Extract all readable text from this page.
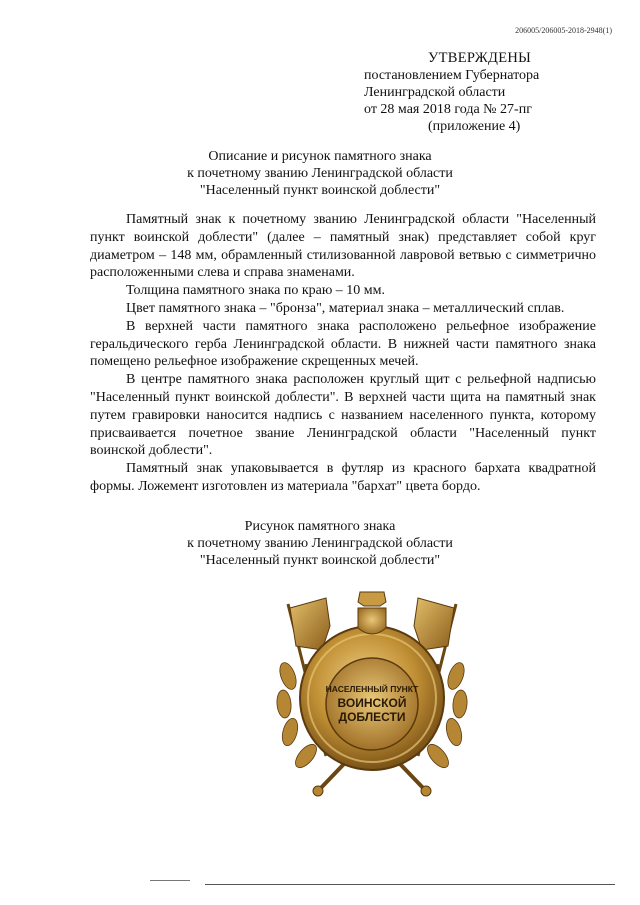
206005/206005-2018-2948(1)
УТВЕРЖДЕНЫ
постановлением Губернатора
Ленинградской области
от 28 мая 2018 года № 27-пг
(приложение 4)
Описание и рисунок памятного знака
к почетному званию Ленинградской области
"Населенный пункт воинской доблести"

Памятный знак к почетному званию Ленинградской области "Населенный пункт воинской доблести" (далее – памятный знак) представляет собой круг диаметром – 148 мм, обрамленный стилизованной лавровой ветвью с симметрично расположенными слева и справа знаменами.

Толщина памятного знака по краю – 10 мм.

Цвет памятного знака – "бронза", материал знака – металлический сплав.

В верхней части памятного знака расположено рельефное изображение геральдического герба Ленинградской области. В нижней части памятного знака помещено рельефное изображение скрещенных мечей.

В центре памятного знака расположен круглый щит с рельефной надписью "Населенный пункт воинской доблести". В верхней части щита на памятный знак путем гравировки наносится надпись с названием населенного пункта, которому присваивается почетное звание Ленинградской области "Населенный пункт воинской доблести".

Памятный знак упаковывается в футляр из красного бархата квадратной формы. Ложемент изготовлен из материала "бархат" цвета бордо.

Рисунок памятного знака
к почетному званию Ленинградской области
"Населенный пункт воинской доблести"
НАСЕЛЕННЫЙ ПУНКТ
ВОИНСКОЙ
ДОБЛЕСТИ
